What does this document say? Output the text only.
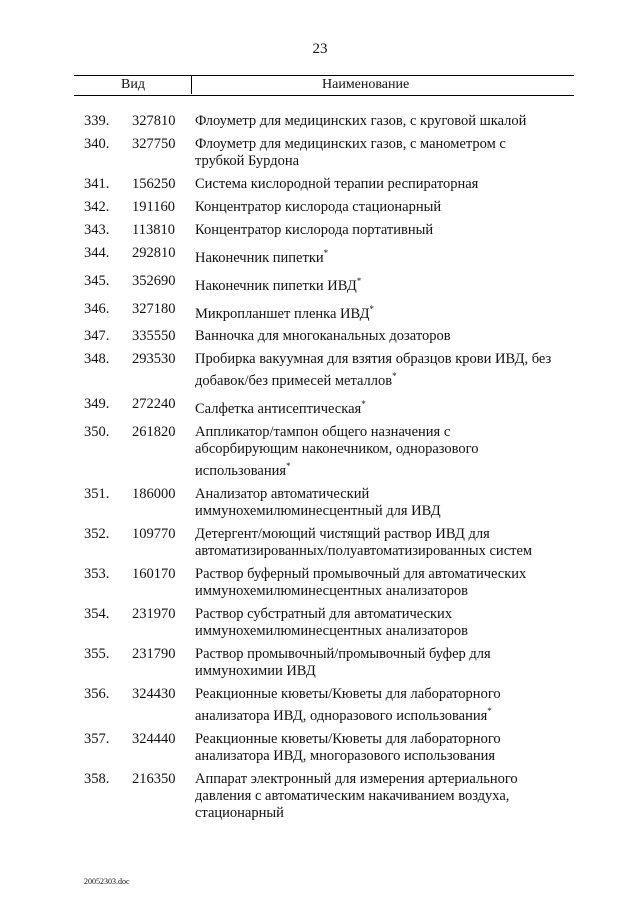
23
Вид	Наименование
339. 327810 Флоуметр для медицинских газов, с круговой шкалой
340. 327750 Флоуметр для медицинских газов, с манометром с
трубкой Бурдона
341. 156250 Система кислородной терапии респираторная
342. 191160 Концентратор кислорода стационарный
343. 113810 Концентратор кислорода портативный
344. 292810 Наконечник пипетки*
345. 352690 Наконечник пипетки ИВД*
346. 327180 Микропланшет пленка ИВД*
347. 335550 Ванночка для многоканальных дозаторов
348. 293530 Пробирка вакуумная для взятия образцов крови ИВД, без
добавок/без примесей металлов*
349. 272240 Салфетка антисептическая*
350. 261820 Аппликатор/тампон общего назначения с
абсорбирующим наконечником, одноразового
использования*
351. 186000 Анализатор автоматический
иммунохемилюминесцентный для ИВД
352. 109770 Детергент/моющий чистящий раствор ИВД для
автоматизированных/полуавтоматизированных систем
353. 160170 Раствор буферный промывочный для автоматических
иммунохемилюминесцентных анализаторов
354. 231970 Раствор субстратный для автоматических
иммунохемилюминесцентных анализаторов
355. 231790 Раствор промывочный/промывочный буфер для
иммунохимии ИВД
356. 324430 Реакционные кюветы/Кюветы для лабораторного
анализатора ИВД, одноразового использования*
357. 324440 Реакционные кюветы/Кюветы для лабораторного
анализатора ИВД, многоразового использования
358. 216350 Аппарат электронный для измерения артериального
давления с автоматическим накачиванием воздуха,
стационарный
20052303.doc
